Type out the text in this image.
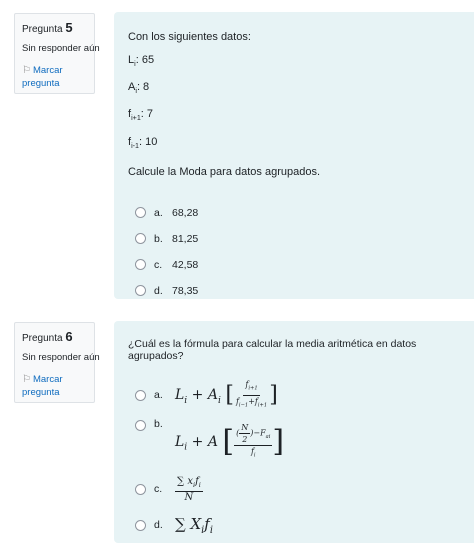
Pregunta 5
Sin responder aún
⚐ Marcar pregunta

Con los siguientes datos:

$L_i$: 65

$A_i$: 8

$f_{i+1}$: 7

$f_{i-1}$: 10

Calcule la Moda para datos agrupados.

a. 68,28
b. 81,25
c. 42,58
d. 78,35
Pregunta 6
Sin responder aún
⚐ Marcar pregunta

¿Cuál es la fórmula para calcular la media aritmética en datos agrupados?

a. $L_i + A_i$ [ $\frac{f_{i+1}}{f_{i-1}+f_{i+1}}$ ]
b.
$L_i + A$ [ $\frac{( \frac{N}{2} )-F_{ai}}{f_i}$ ]
c.	$\frac{\sum x_if_i}{N}$
d. ∑ $X_if_i$
